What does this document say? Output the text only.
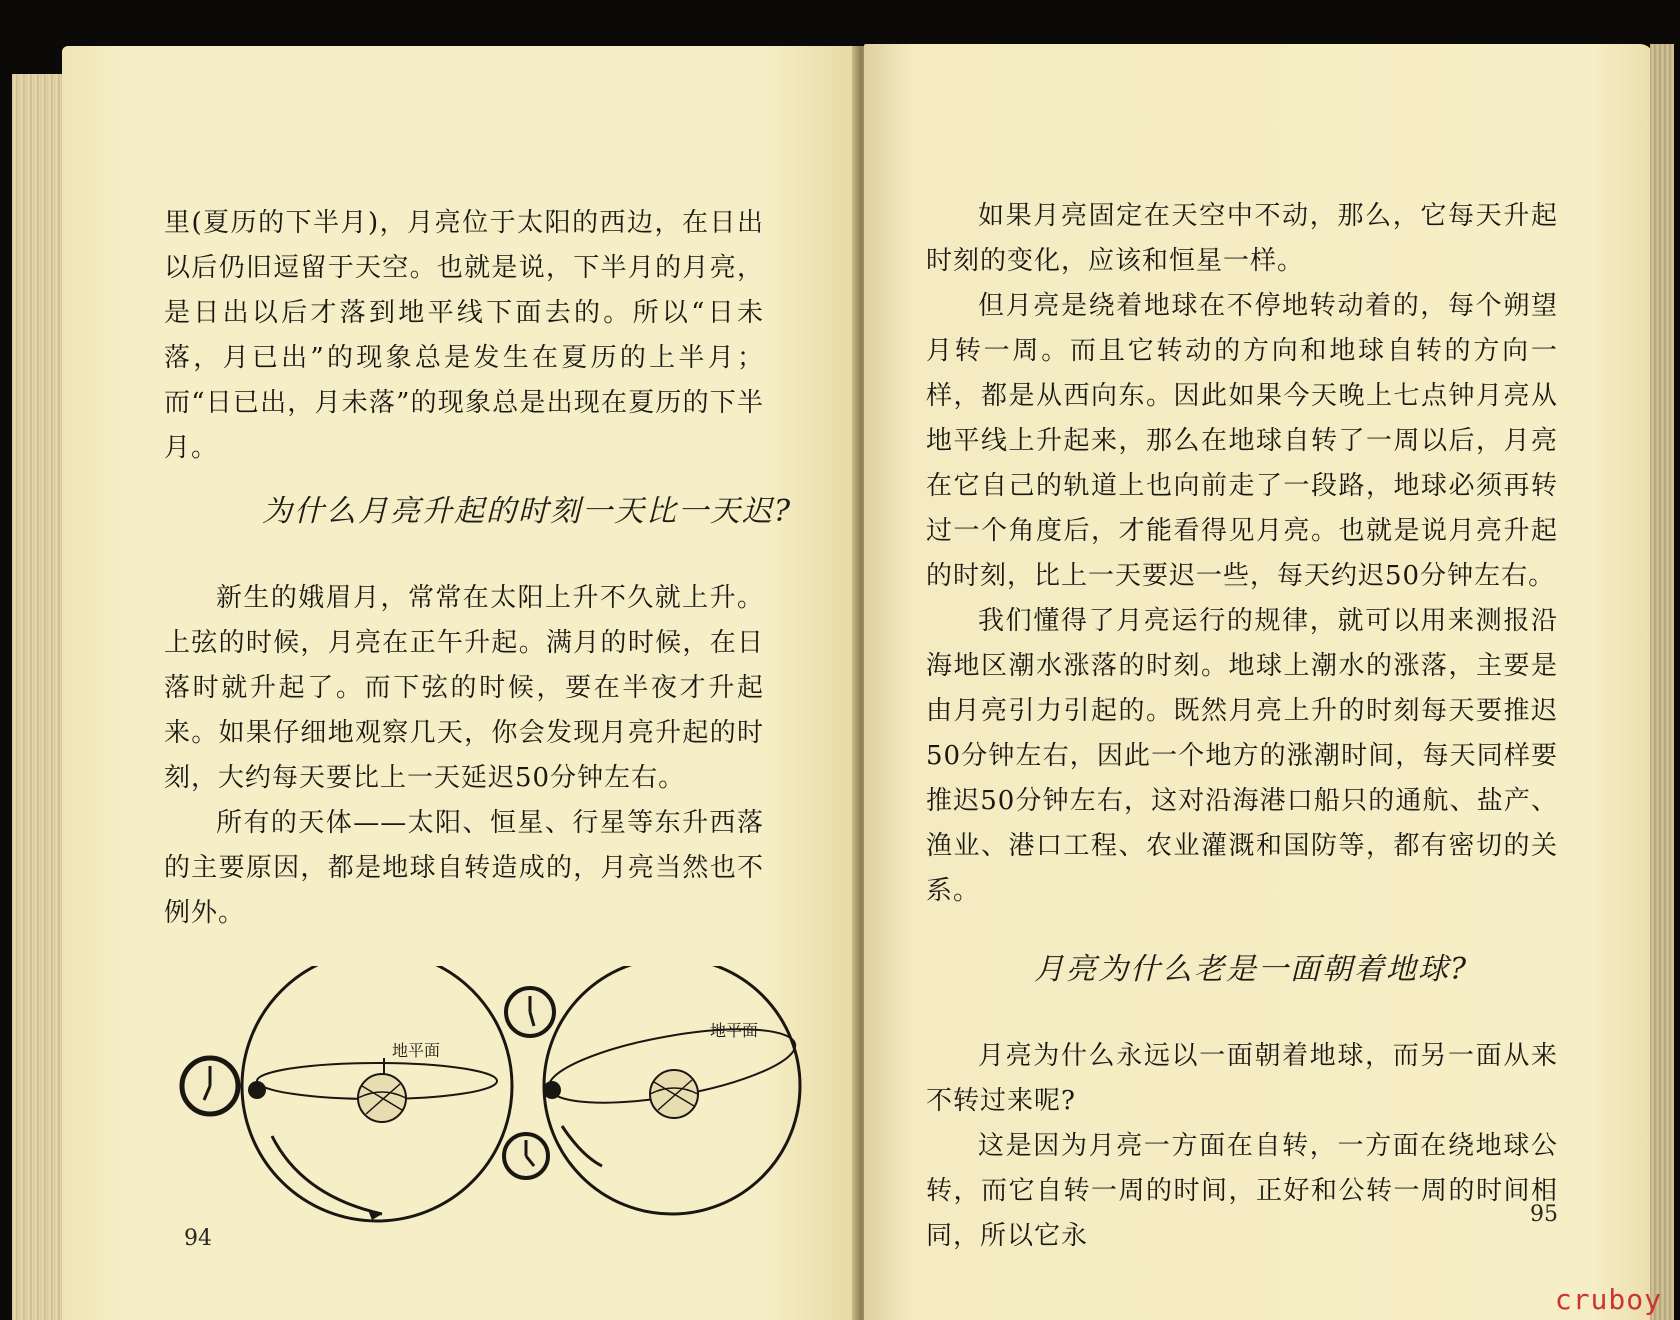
里(夏历的下半月)，月亮位于太阳的西边，在日出以后仍旧逗留于天空。也就是说，下半月的月亮，是日出以后才落到地平线下面去的。所以“日未落，月已出”的现象总是发生在夏历的上半月；而“日已出，月未落”的现象总是出现在夏历的下半月。

为什么月亮升起的时刻一天比一天迟?

新生的娥眉月，常常在太阳上升不久就上升。上弦的时候，月亮在正午升起。满月的时候，在日落时就升起了。而下弦的时候，要在半夜才升起来。如果仔细地观察几天，你会发现月亮升起的时刻，大约每天要比上一天延迟50分钟左右。

所有的天体——太阳、恒星、行星等东升西落的主要原因，都是地球自转造成的，月亮当然也不例外。

地平面
地平面
94

如果月亮固定在天空中不动，那么，它每天升起时刻的变化，应该和恒星一样。

但月亮是绕着地球在不停地转动着的，每个朔望月转一周。而且它转动的方向和地球自转的方向一样，都是从西向东。因此如果今天晚上七点钟月亮从地平线上升起来，那么在地球自转了一周以后，月亮在它自己的轨道上也向前走了一段路，地球必须再转过一个角度后，才能看得见月亮。也就是说月亮升起的时刻，比上一天要迟一些，每天约迟50分钟左右。

我们懂得了月亮运行的规律，就可以用来测报沿海地区潮水涨落的时刻。地球上潮水的涨落，主要是由月亮引力引起的。既然月亮上升的时刻每天要推迟50分钟左右，因此一个地方的涨潮时间，每天同样要推迟50分钟左右，这对沿海港口船只的通航、盐产、渔业、港口工程、农业灌溉和国防等，都有密切的关系。

月亮为什么老是一面朝着地球?

月亮为什么永远以一面朝着地球，而另一面从来不转过来呢?

这是因为月亮一方面在自转，一方面在绕地球公转，而它自转一周的时间，正好和公转一周的时间相同，所以它永

95
cruboy
